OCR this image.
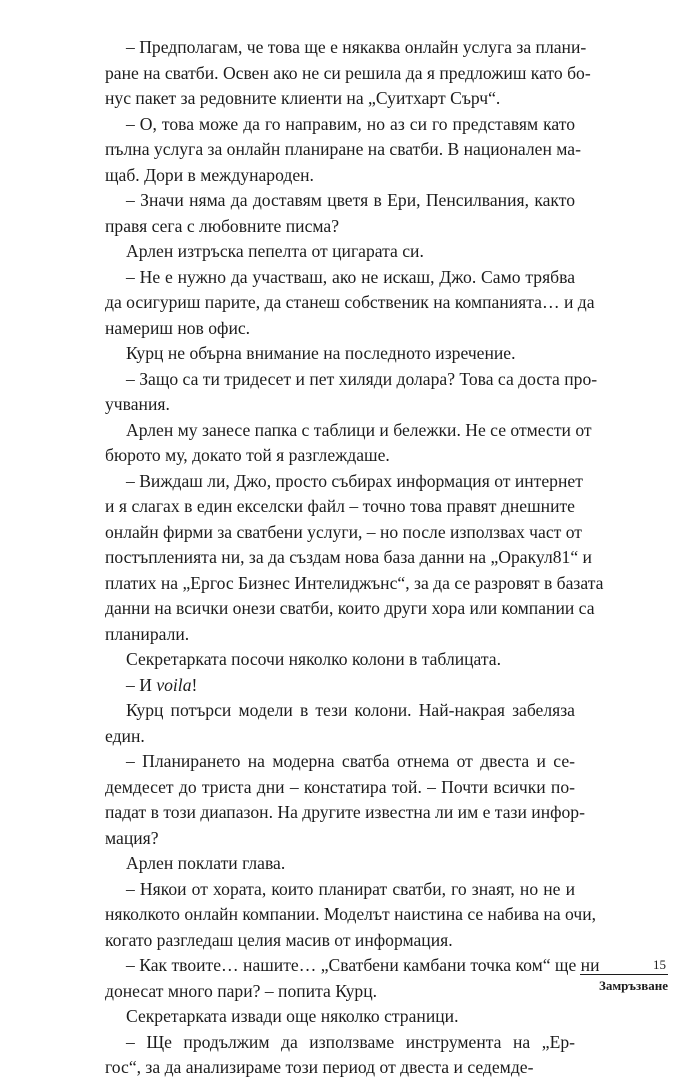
– Предполагам, че това ще е някаква онлайн услуга за плани-
ране на сватби. Освен ако не си решила да я предложиш като бо-
нус пакет за редовните клиенти на „Суитхарт Сърч“.

– О, това може да го направим, но аз си го представям като
пълна услуга за онлайн планиране на сватби. В национален ма-
щаб. Дори в международен.

– Значи няма да доставям цветя в Ери, Пенсилвания, както
правя сега с любовните писма?

Арлен изтръска пепелта от цигарата си.

– Не е нужно да участваш, ако не искаш, Джо. Само трябва
да осигуриш парите, да станеш собственик на компанията… и да
намериш нов офис.

Курц не обърна внимание на последното изречение.

– Защо са ти тридесет и пет хиляди долара? Това са доста про-
учвания.

Арлен му занесе папка с таблици и бележки. Не се отмести от
бюрото му, докато той я разглеждаше.

– Виждаш ли, Джо, просто събирах информация от интернет
и я слагах в един екселски файл – точно това правят днешните
онлайн фирми за сватбени услуги, – но после използвах част от
постъпленията ни, за да създам нова база данни на „Оракул81“ и
платих на „Ергос Бизнес Интелиджънс“, за да се разровят в базата
данни на всички онези сватби, които други хора или компании са
планирали.

Секретарката посочи няколко колони в таблицата.

– И voila!

Курц потърси модели в тези колони. Най-накрая забеляза
един.

– Планирането на модерна сватба отнема от двеста и се-
демдесет до триста дни – констатира той. – Почти всички по-
падат в този диапазон. На другите известна ли им е тази инфор-
мация?

Арлен поклати глава.

– Някои от хората, които планират сватби, го знаят, но не и
няколкото онлайн компании. Моделът наистина се набива на очи,
когато разгледаш целия масив от информация.

– Как твоите… нашите… „Сватбени камбани точка ком“ ще ни
донесат много пари? – попита Курц.

Секретарката извади още няколко страници.

– Ще продължим да използваме инструмента на „Ер-
гос“, за да анализираме този период от двеста и седемде-

15
Замръзване
